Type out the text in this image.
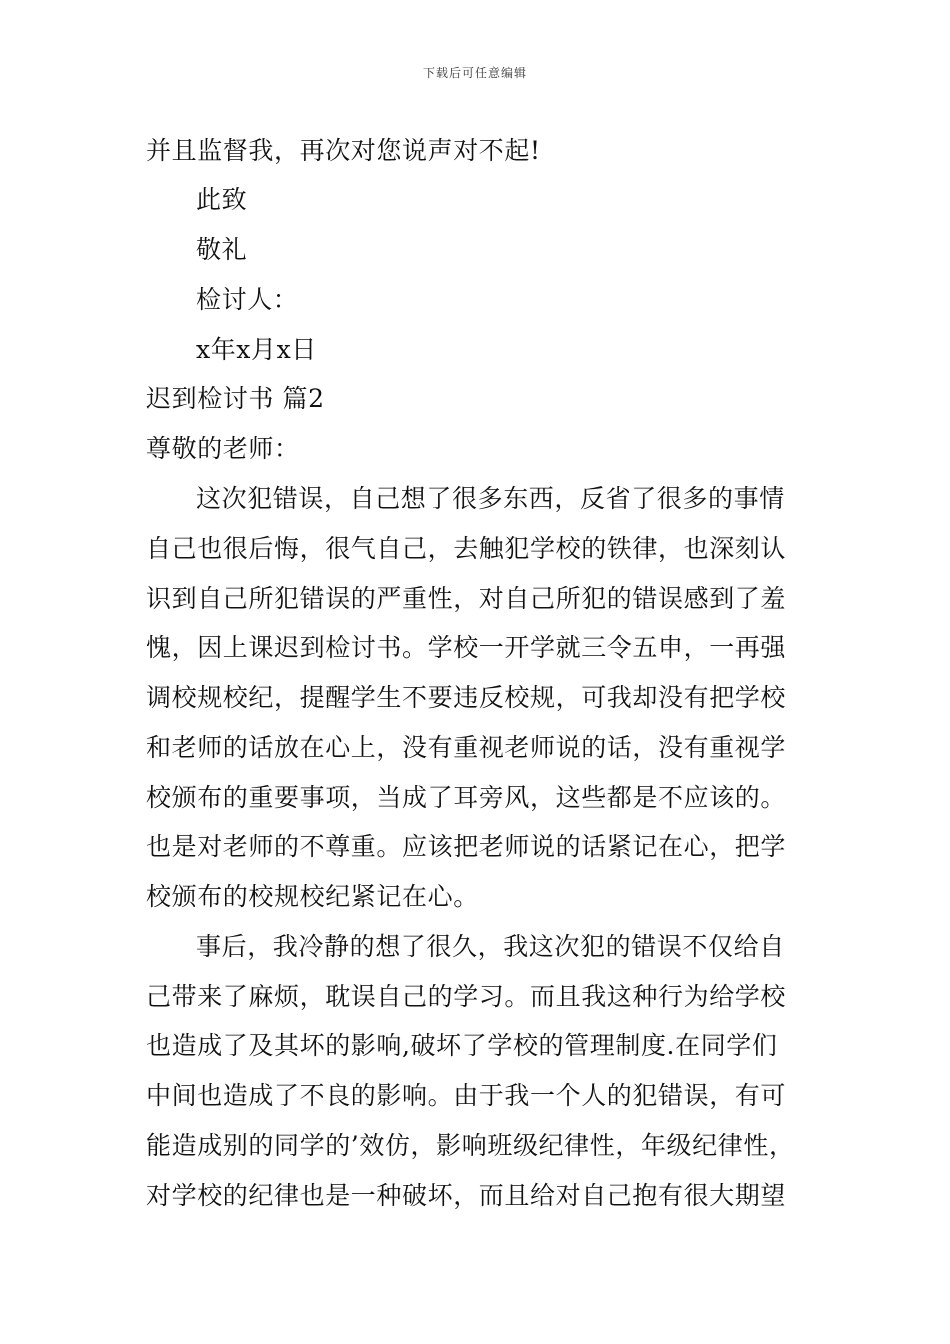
下载后可任意编辑
并且监督我，再次对您说声对不起!
此致
敬礼
检讨人：
x年x月x日
迟到检讨书 篇2
尊敬的老师：
这次犯错误，自己想了很多东西，反省了很多的事情
自己也很后悔，很气自己，去触犯学校的铁律，也深刻认
识到自己所犯错误的严重性，对自己所犯的错误感到了羞
愧，因上课迟到检讨书。学校一开学就三令五申，一再强
调校规校纪，提醒学生不要违反校规，可我却没有把学校
和老师的话放在心上，没有重视老师说的话，没有重视学
校颁布的重要事项，当成了耳旁风，这些都是不应该的。
也是对老师的不尊重。应该把老师说的话紧记在心，把学
校颁布的校规校纪紧记在心。
事后，我冷静的想了很久，我这次犯的错误不仅给自
己带来了麻烦，耽误自己的学习。而且我这种行为给学校
也造成了及其坏的影响,破坏了学校的管理制度.在同学们
中间也造成了不良的影响。由于我一个人的犯错误，有可
能造成别的同学的’效仿，影响班级纪律性，年级纪律性，
对学校的纪律也是一种破坏，而且给对自己抱有很大期望
